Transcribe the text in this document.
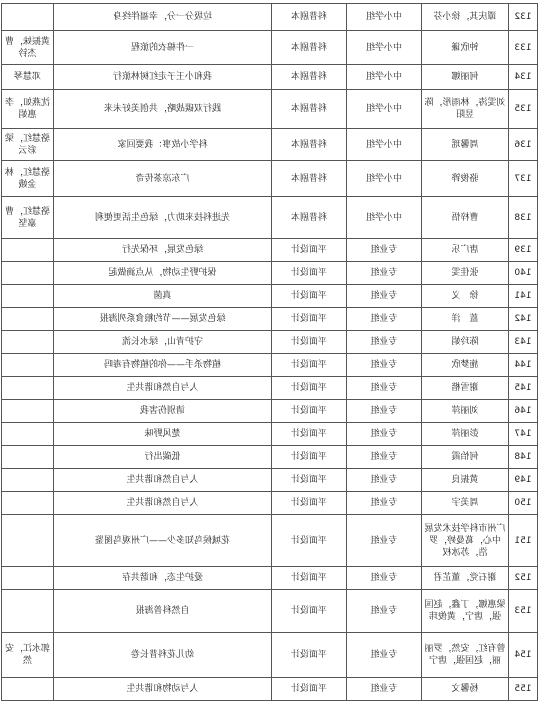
	垃圾分一分，幸福伴终身	科普剧本	中小学组	谭庆其，徐小芬	132

黄振妹，曹杰钤	一件棉衣的旅程	科普剧本	中小学组	钟欣谦	133

邓慧琴	我和小王子走红树林旅行	科普剧本	中小学组	何丽娜	134

沈燕如，李惠娟	践行双碳战略，共创美好未来	科普剧本	中小学组	刘雯涛，林雨彤，陈昱阳	135

骆慧红，梁彩云	科学小故事：我要回家	科普剧本	中小学组	周馨瑶	136

骆慧红，林金娥	广东凉茶传奇	科普剧本	中小学组	骆俊铧	137

骆慧红，曹嘉坚	先进科技来助力，绿色生活更便利	科普剧本	中小学组	曹梓悟	138

	绿色发展，环保先行	平面设计	专业组	唐广乐	139

	保护野生动物，从点滴做起	平面设计	专业组	张佳雯	140

	真菌	平面设计	专业组	徐　义	141

	绿色发展——节约粮食系列海报	平面设计	专业组	蓝　洋	142

	守护青山，绿水长流	平面设计	专业组	陈玲娟	143

	植物杀手——你的植物有毒吗	平面设计	专业组	施梦欣	144

	人与自然和谐共生	平面设计	专业组	谢雪楷	145

	请别伤害我	平面设计	专业组	刘丽萍	146

	楚风野味	平面设计	专业组	彭丽萍	147

	低碳出行	平面设计	专业组	何怡霞	148

	人与自然和谐共生	平面设计	专业组	黄振良	149

	人与自然和谐共生	平面设计	专业组	周美宇	150

	花城候鸟知多少——广州观鸟图鉴	平面设计	专业组	广州市科学技术发展中心，葛曼婷，罗浩，苏冰权	151

	爱护生态，和谐共存	平面设计	专业组	谢石党，董芷君	152

	自然科普海报	平面设计	专业组	梁惠娜，丁鑫，赵国强，唐宁，黄俊玮	153

郭水江，安然	幼儿花科普长卷	平面设计	专业组	曾有红，安然，罗丽丽，赵国强，唐宁	154

	人与动物和谐共生	平面设计	专业组	杨馨文	155
